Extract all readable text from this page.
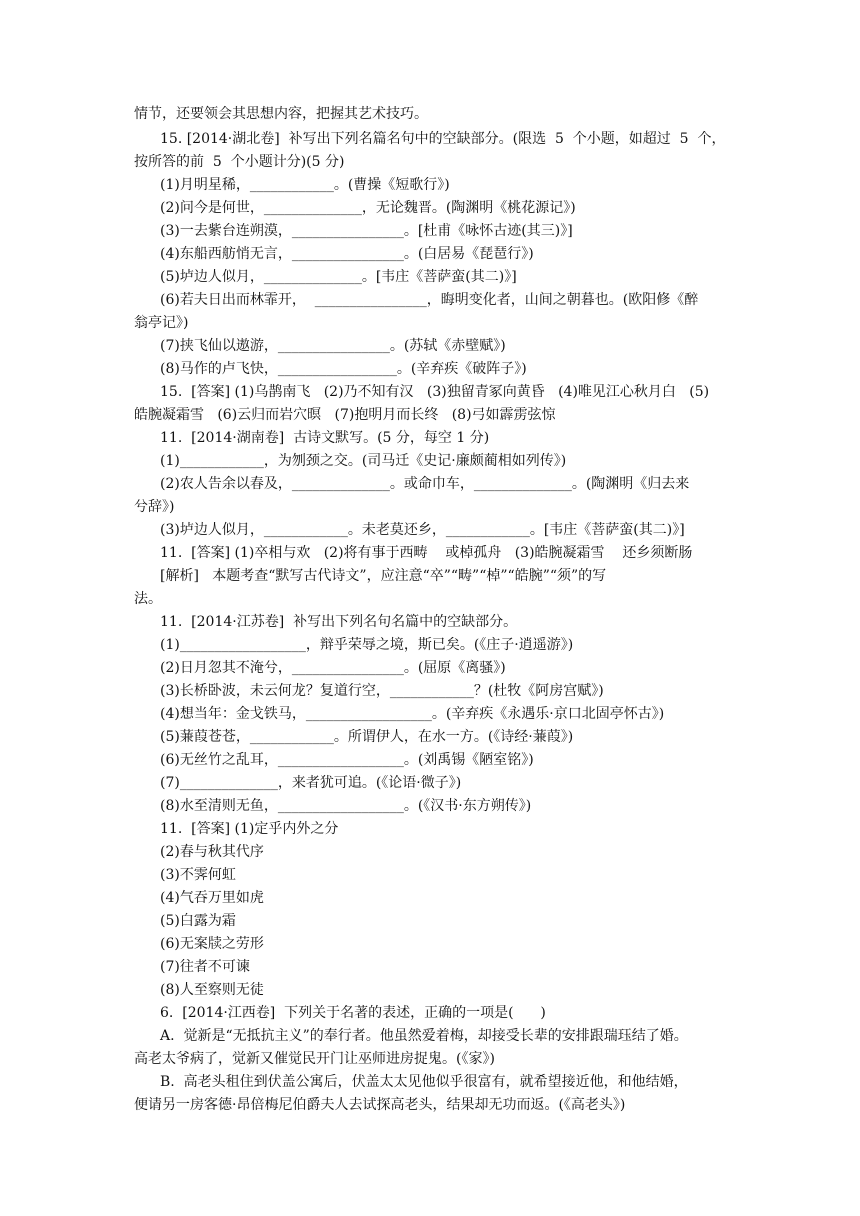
情节，还要领会其思想内容，把握其艺术技巧。
15. [2014·湖北卷]  补写出下列名篇名句中的空缺部分。(限选  5  个小题，如超过  5  个，
按所答的前  5  个小题计分)(5 分)
(1)月明星稀，____________。(曹操《短歌行》)
(2)问今是何世，______________，无论魏晋。(陶渊明《桃花源记》)
(3)一去紫台连朔漠，________________。[杜甫《咏怀古迹(其三)》]
(4)东船西舫悄无言，________________。(白居易《琵琶行》)
(5)垆边人似月，______________。[韦庄《菩萨蛮(其二)》]
(6)若夫日出而林霏开，  ________________，晦明变化者，山间之朝暮也。(欧阳修《醉
翁亭记》)
(7)挟飞仙以遨游，________________。(苏轼《赤壁赋》)
(8)马作的卢飞快，_________________。(辛弃疾《破阵子》)
15.  [答案] (1)乌鹊南飞   (2)乃不知有汉   (3)独留青冢向黄昏   (4)唯见江心秋月白   (5)
皓腕凝霜雪   (6)云归而岩穴暝   (7)抱明月而长终   (8)弓如霹雳弦惊
11.  [2014·湖南卷]  古诗文默写。(5 分，每空 1 分)
(1)____________，为刎颈之交。(司马迁《史记·廉颇蔺相如列传》)
(2)农人告余以春及，______________。或命巾车，______________。(陶渊明《归去来
兮辞》)
(3)垆边人似月，____________。未老莫还乡，____________。[韦庄《菩萨蛮(其二)》]
11.  [答案] (1)卒相与欢   (2)将有事于西畴    或棹孤舟   (3)皓腕凝霜雪    还乡须断肠
[解析]   本题考查“默写古代诗文”，应注意“卒”“畴”“棹”“皓腕”“须”的写
法。
11.  [2014·江苏卷]  补写出下列名句名篇中的空缺部分。
(1)__________________，辩乎荣辱之境，斯已矣。(《庄子·逍遥游》)
(2)日月忽其不淹兮，________________。(屈原《离骚》)
(3)长桥卧波，未云何龙？复道行空，____________？(杜牧《阿房宫赋》)
(4)想当年：金戈铁马，__________________。(辛弃疾《永遇乐·京口北固亭怀古》)
(5)蒹葭苍苍，____________。所谓伊人，在水一方。(《诗经·蒹葭》)
(6)无丝竹之乱耳，__________________。(刘禹锡《陋室铭》)
(7)______________，来者犹可追。(《论语·微子》)
(8)水至清则无鱼，__________________。(《汉书·东方朔传》)
11.  [答案] (1)定乎内外之分
(2)春与秋其代序
(3)不霁何虹
(4)气吞万里如虎
(5)白露为霜
(6)无案牍之劳形
(7)往者不可谏
(8)人至察则无徒
6.  [2014·江西卷]  下列关于名著的表述，正确的一项是(      )
A.  觉新是“无抵抗主义”的奉行者。他虽然爱着梅，却接受长辈的安排跟瑞珏结了婚。
高老太爷病了，觉新又催觉民开门让巫师进房捉鬼。(《家》)
B.  高老头租住到伏盖公寓后，伏盖太太见他似乎很富有，就希望接近他，和他结婚，
便请另一房客德·昂倍梅尼伯爵夫人去试探高老头，结果却无功而返。(《高老头》)
